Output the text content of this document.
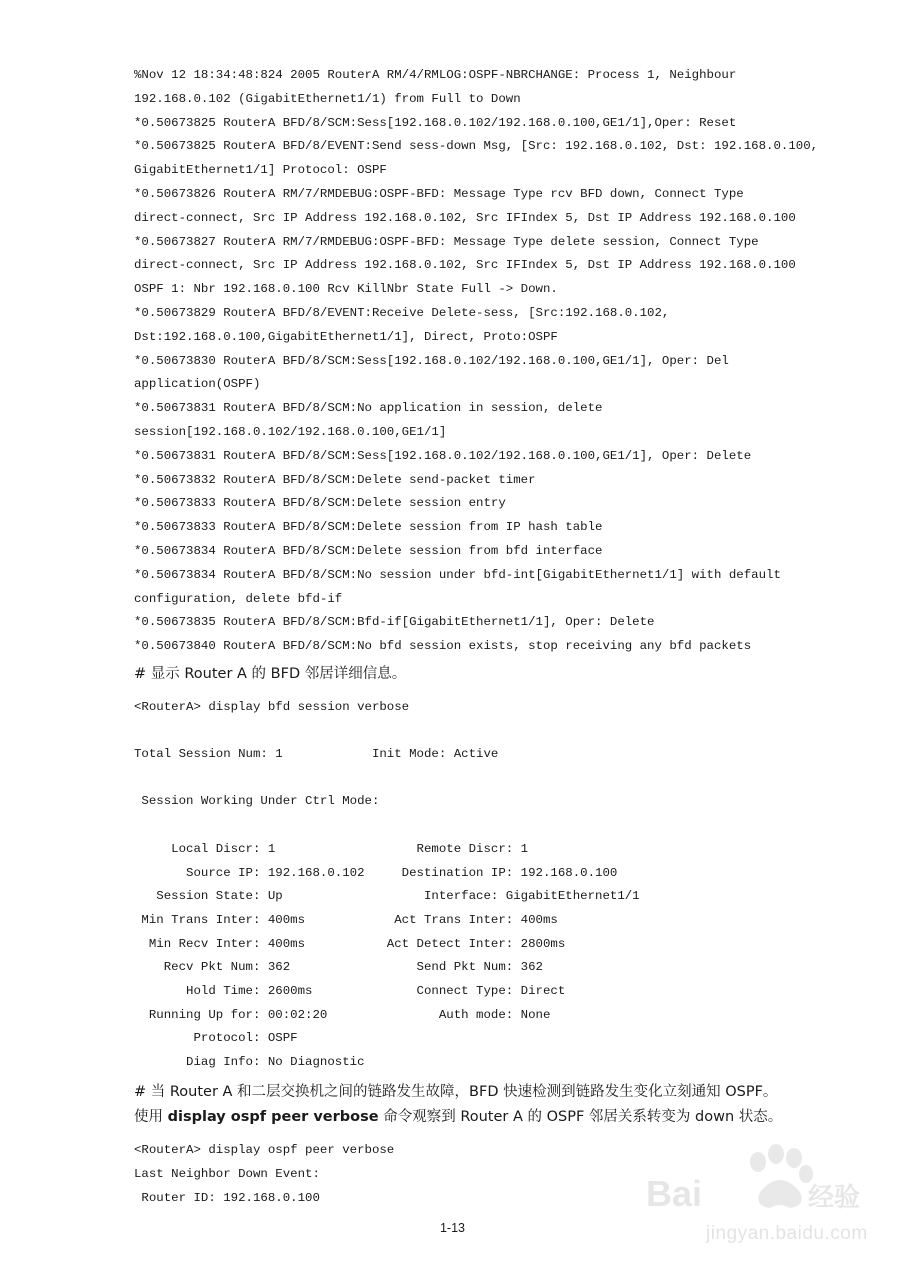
%Nov 12 18:34:48:824 2005 RouterA RM/4/RMLOG:OSPF-NBRCHANGE: Process 1, Neighbour
192.168.0.102 (GigabitEthernet1/1) from Full to Down
*0.50673825 RouterA BFD/8/SCM:Sess[192.168.0.102/192.168.0.100,GE1/1],Oper: Reset
*0.50673825 RouterA BFD/8/EVENT:Send sess-down Msg, [Src: 192.168.0.102, Dst: 192.168.0.100,
GigabitEthernet1/1] Protocol: OSPF
*0.50673826 RouterA RM/7/RMDEBUG:OSPF-BFD: Message Type rcv BFD down, Connect Type
direct-connect, Src IP Address 192.168.0.102, Src IFIndex 5, Dst IP Address 192.168.0.100
*0.50673827 RouterA RM/7/RMDEBUG:OSPF-BFD: Message Type delete session, Connect Type
direct-connect, Src IP Address 192.168.0.102, Src IFIndex 5, Dst IP Address 192.168.0.100
OSPF 1: Nbr 192.168.0.100 Rcv KillNbr State Full -> Down.
*0.50673829 RouterA BFD/8/EVENT:Receive Delete-sess, [Src:192.168.0.102,
Dst:192.168.0.100,GigabitEthernet1/1], Direct, Proto:OSPF
*0.50673830 RouterA BFD/8/SCM:Sess[192.168.0.102/192.168.0.100,GE1/1], Oper: Del
application(OSPF)
*0.50673831 RouterA BFD/8/SCM:No application in session, delete
session[192.168.0.102/192.168.0.100,GE1/1]
*0.50673831 RouterA BFD/8/SCM:Sess[192.168.0.102/192.168.0.100,GE1/1], Oper: Delete
*0.50673832 RouterA BFD/8/SCM:Delete send-packet timer
*0.50673833 RouterA BFD/8/SCM:Delete session entry
*0.50673833 RouterA BFD/8/SCM:Delete session from IP hash table
*0.50673834 RouterA BFD/8/SCM:Delete session from bfd interface
*0.50673834 RouterA BFD/8/SCM:No session under bfd-int[GigabitEthernet1/1] with default
configuration, delete bfd-if
*0.50673835 RouterA BFD/8/SCM:Bfd-if[GigabitEthernet1/1], Oper: Delete
*0.50673840 RouterA BFD/8/SCM:No bfd session exists, stop receiving any bfd packets
# 显示 Router A 的 BFD 邻居详细信息。
<RouterA> display bfd session verbose
Total Session Num: 1            Init Mode: Active
Session Working Under Ctrl Mode:
Local Discr: 1                   Remote Discr: 1
Source IP: 192.168.0.102     Destination IP: 192.168.0.100
Session State: Up                   Interface: GigabitEthernet1/1
Min Trans Inter: 400ms            Act Trans Inter: 400ms
Min Recv Inter: 400ms           Act Detect Inter: 2800ms
Recv Pkt Num: 362                 Send Pkt Num: 362
Hold Time: 2600ms              Connect Type: Direct
Running Up for: 00:02:20               Auth mode: None
Protocol: OSPF
Diag Info: No Diagnostic
# 当 Router A 和二层交换机之间的链路发生故障，BFD 快速检测到链路发生变化立刻通知 OSPF。
使用 display ospf peer verbose 命令观察到 Router A 的 OSPF 邻居关系转变为 down 状态。
<RouterA> display ospf peer verbose
Last Neighbor Down Event:
Router ID: 192.168.0.100
1-13
Bai	经验
jingyan.baidu.com
